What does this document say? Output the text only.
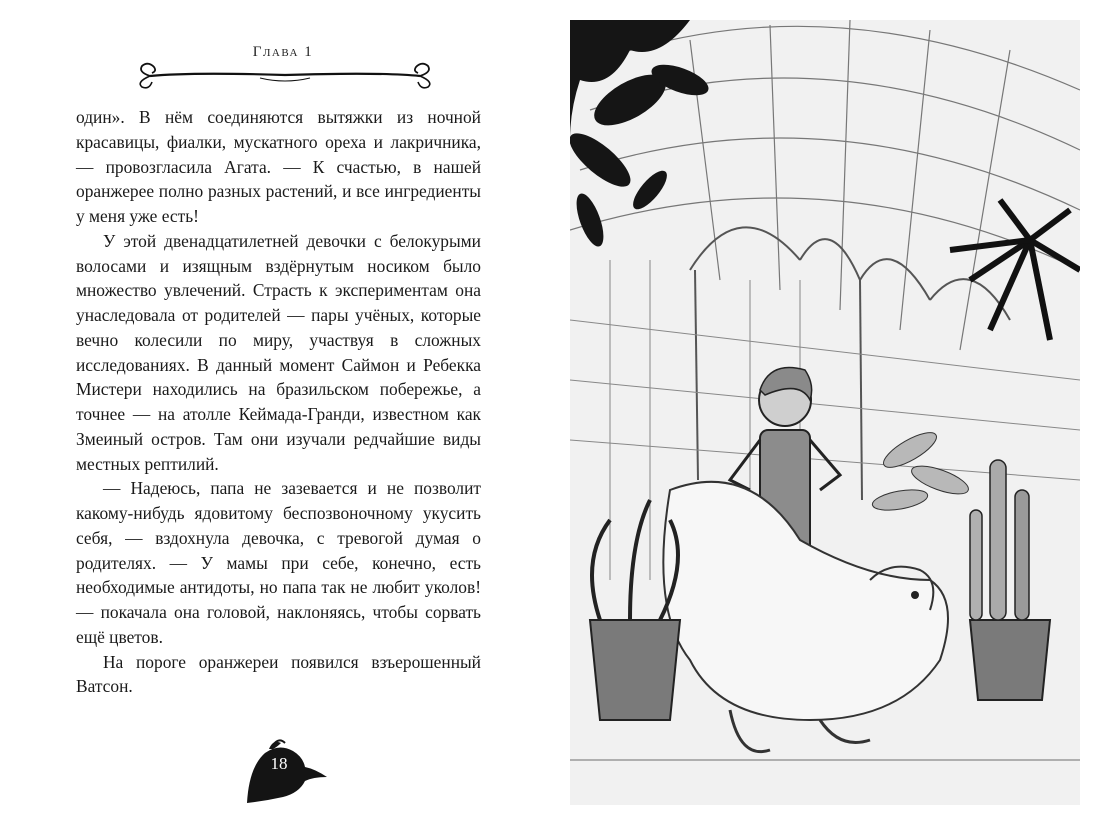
Глава 1

один». В нём соединяются вытяжки из ночной красавицы, фиалки, мускатного ореха и лакричника, — провозгласила Агата. — К счастью, в нашей оранжерее полно разных растений, и все ингредиенты у меня уже есть!

У этой двенадцатилетней девочки с белокурыми волосами и изящным вздёрнутым носиком было множество увлечений. Страсть к экспериментам она унаследовала от родителей — пары учёных, которые вечно колесили по миру, участвуя в сложных исследованиях. В данный момент Саймон и Ребекка Мистери находились на бразильском побережье, а точнее — на атолле Кеймада-Гранди, известном как Змеиный остров. Там они изучали редчайшие виды местных рептилий.

— Надеюсь, папа не зазевается и не позволит какому-нибудь ядовитому беспозвоночному укусить себя, — вздохнула девочка, с тревогой думая о родителях. — У мамы при себе, конечно, есть необходимые антидоты, но папа так не любит уколов! — покачала она головой, наклоняясь, чтобы сорвать ещё цветов.

На пороге оранжереи появился взъерошенный Ватсон.

18
